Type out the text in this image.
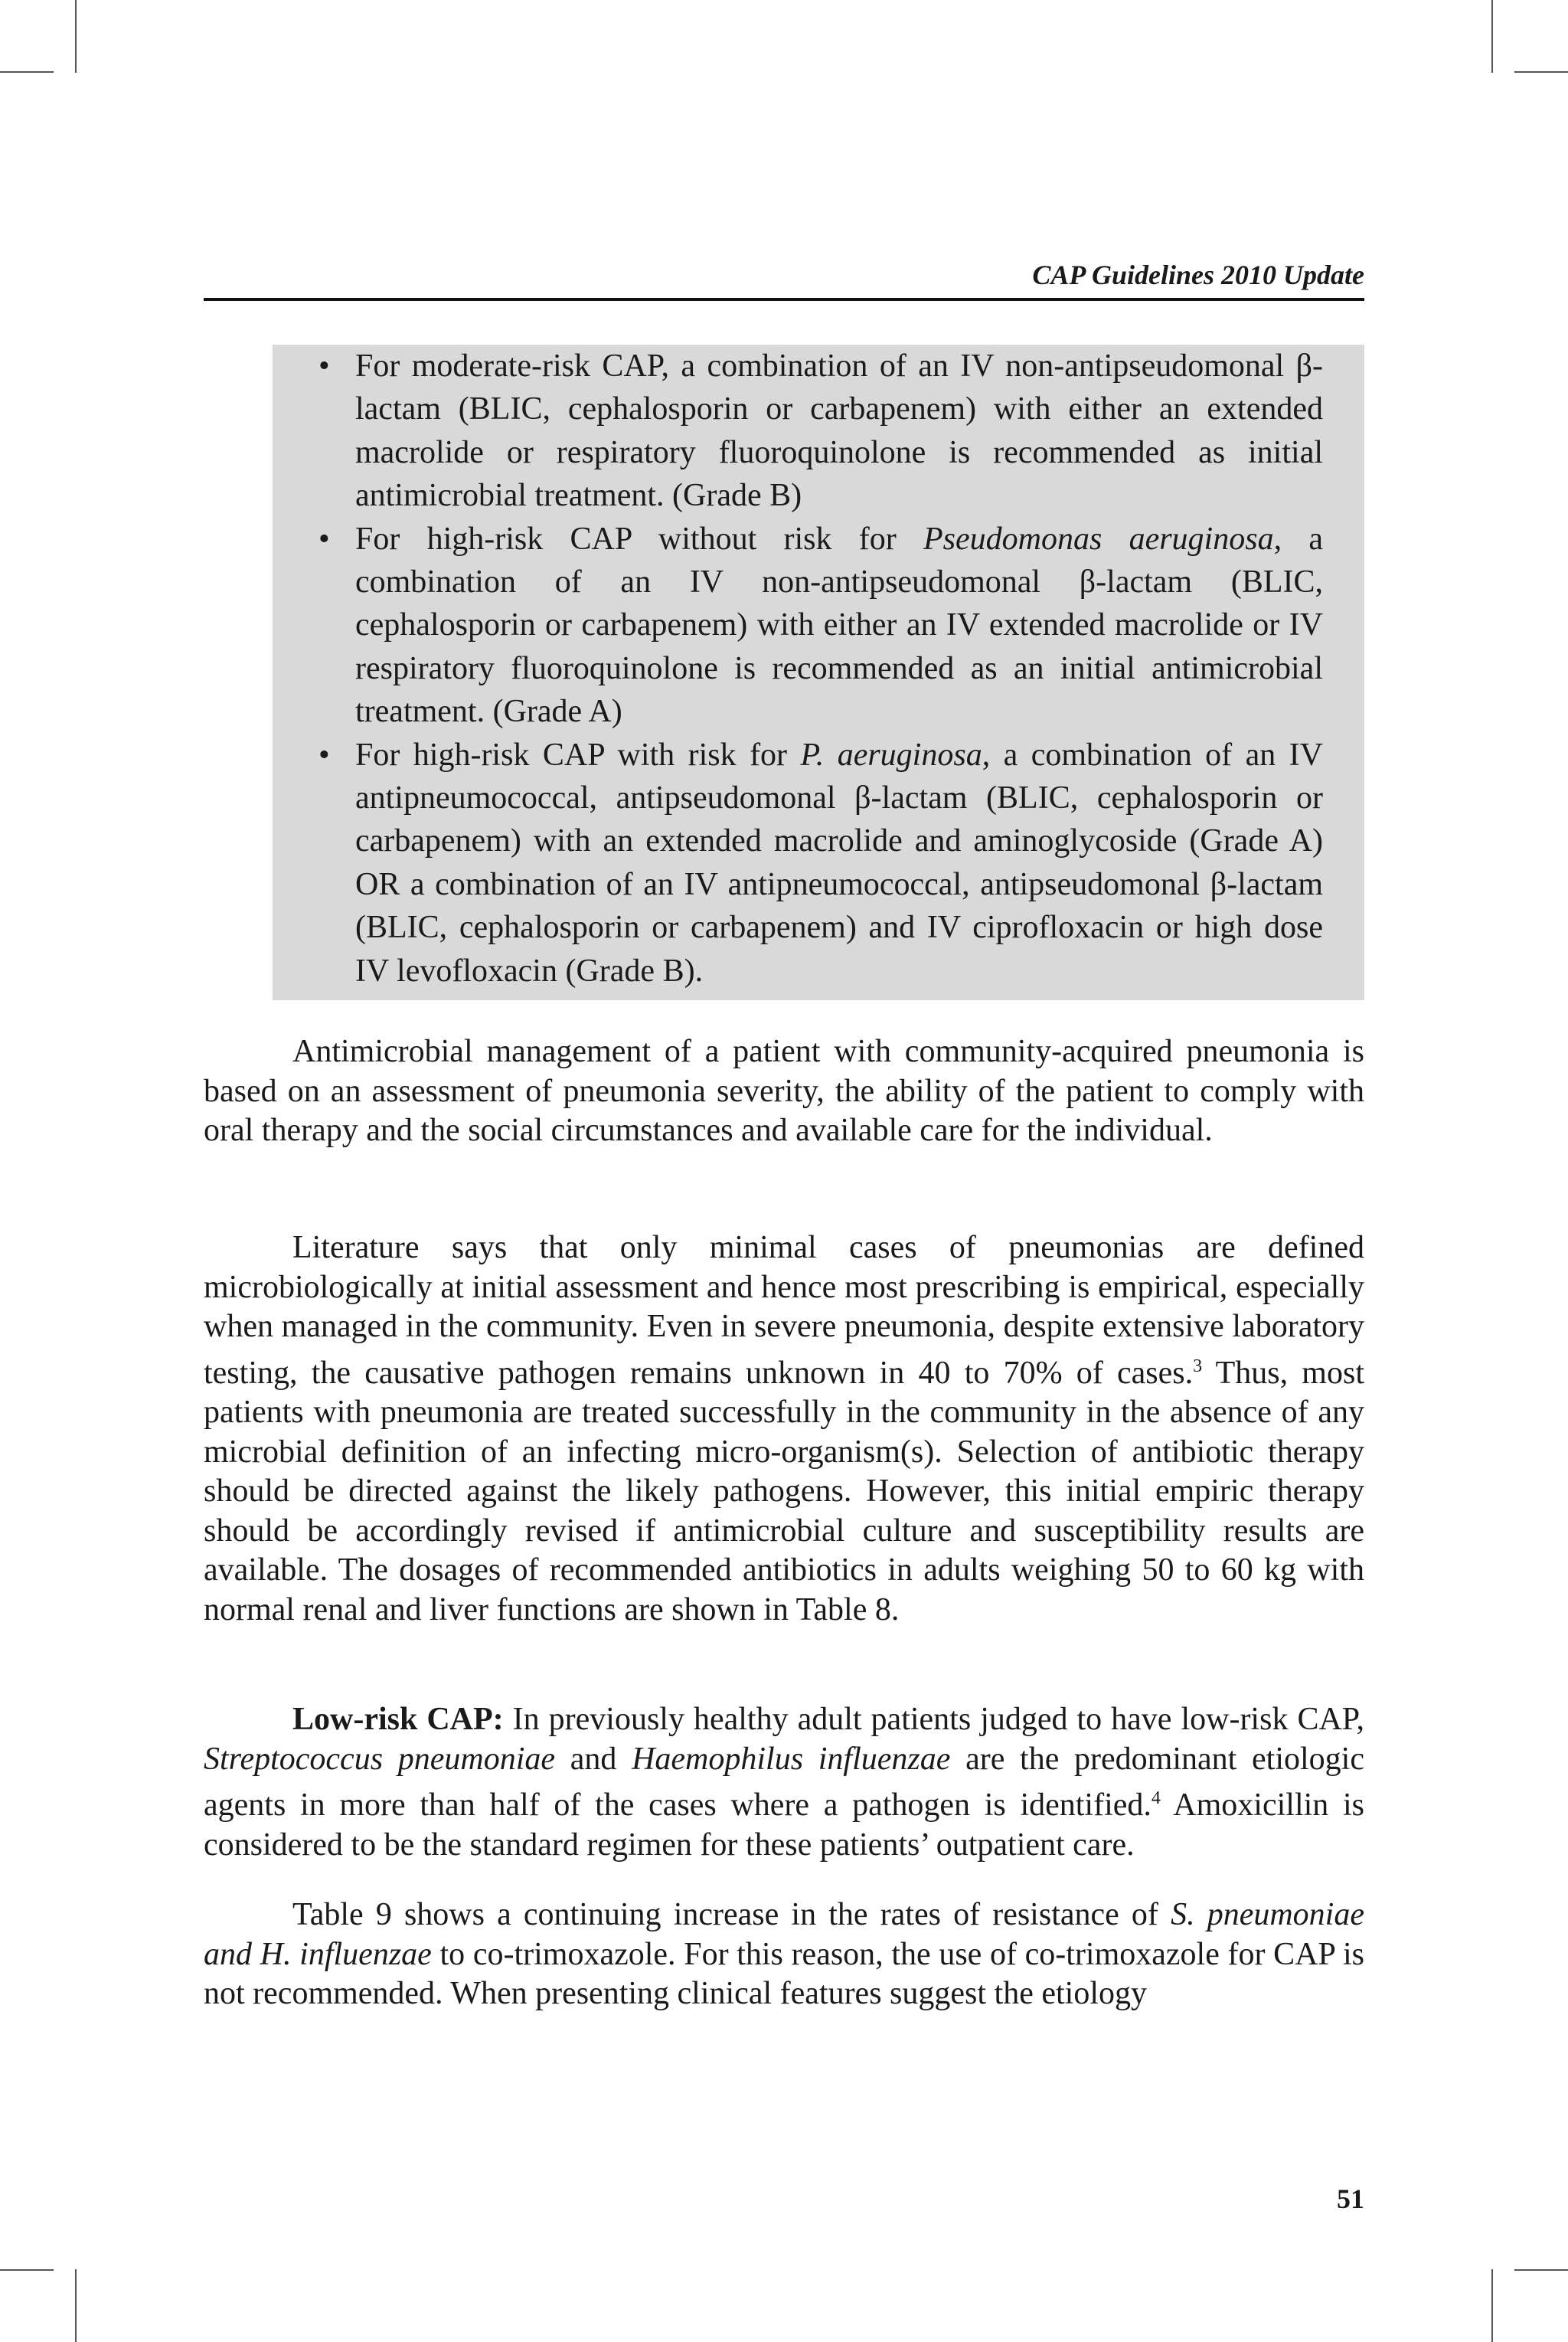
CAP Guidelines 2010 Update
• For moderate-risk CAP, a combination of an IV non-antipseudomonal β-lactam (BLIC, cephalosporin or carbapenem) with either an extended macrolide or respiratory fluoroquinolone is recommended as initial antimicrobial treatment. (Grade B)
• For high-risk CAP without risk for Pseudomonas aeruginosa, a combination of an IV non-antipseudomonal β-lactam (BLIC, cephalosporin or carbapenem) with either an IV extended macrolide or IV respiratory fluoroquinolone is recommended as an initial antimicrobial treatment. (Grade A)
• For high-risk CAP with risk for P. aeruginosa, a combination of an IV antipneumococcal, antipseudomonal β-lactam (BLIC, cephalosporin or carbapenem) with an extended macrolide and aminoglycoside (Grade A) OR a combination of an IV antipneumococcal, antipseudomonal β-lactam (BLIC, cephalosporin or carbapenem) and IV ciprofloxacin or high dose IV levofloxacin (Grade B).

Antimicrobial management of a patient with community-acquired pneumonia is based on an assessment of pneumonia severity, the ability of the patient to comply with oral therapy and the social circumstances and available care for the individual.

Literature says that only minimal cases of pneumonias are defined microbiologically at initial assessment and hence most prescribing is empirical, especially when managed in the community. Even in severe pneumonia, despite extensive laboratory testing, the causative pathogen remains unknown in 40 to 70% of cases.$^3$ Thus, most patients with pneumonia are treated successfully in the community in the absence of any microbial definition of an infecting micro-organism(s). Selection of antibiotic therapy should be directed against the likely pathogens. However, this initial empiric therapy should be accordingly revised if antimicrobial culture and susceptibility results are available. The dosages of recommended antibiotics in adults weighing 50 to 60 kg with normal renal and liver functions are shown in Table 8.

Low-risk CAP: In previously healthy adult patients judged to have low-risk CAP, Streptococcus pneumoniae and Haemophilus influenzae are the predominant etiologic agents in more than half of the cases where a pathogen is identified.$^4$ Amoxicillin is considered to be the standard regimen for these patients’ outpatient care.

Table 9 shows a continuing increase in the rates of resistance of S. pneumoniae and H. influenzae to co-trimoxazole. For this reason, the use of co-trimoxazole for CAP is not recommended. When presenting clinical features suggest the etiology

51
